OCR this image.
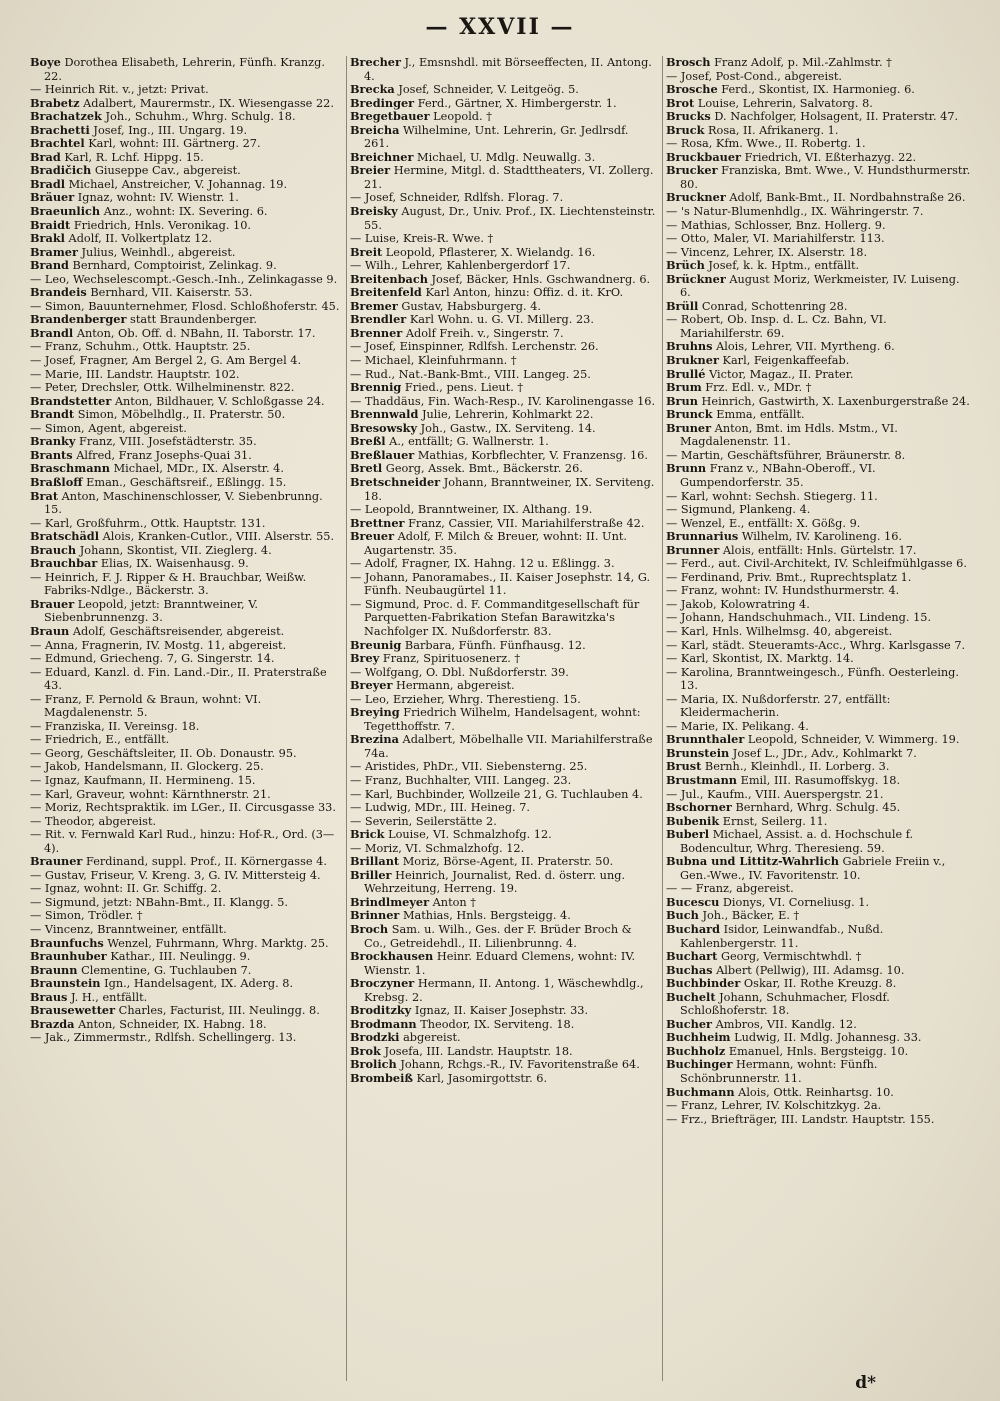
— XXVII —
Boye Dorothea Elisabeth, Lehrerin, Fünfh. Kranzg. 22.
— Heinrich Rit. v., jetzt: Privat.
Brabetz Adalbert, Maurermstr., IX. Wiesengasse 22.
Brachatzek Joh., Schuhm., Whrg. Schulg. 18.
Brachetti Josef, Ing., III. Ungarg. 19.
Brachtel Karl, wohnt: III. Gärtnerg. 27.
Brad Karl, R. Lchf. Hippg. 15.
Bradičich Giuseppe Cav., abgereist.
Bradl Michael, Anstreicher, V. Johannag. 19.
Bräuer Ignaz, wohnt: IV. Wienstr. 1.
Braeunlich Anz., wohnt: IX. Severing. 6.
Braidt Friedrich, Hnls. Veronikag. 10.
Brakl Adolf, II. Volkertplatz 12.
Bramer Julius, Weinhdl., abgereist.
Brand Bernhard, Comptoirist, Zelinkag. 9.
— Leo, Wechselescompt.-Gesch.-Inh., Zelinkagasse 9.
Brandeis Bernhard, VII. Kaiserstr. 53.
— Simon, Bauunternehmer, Flosd. Schloßhoferstr. 45.
Brandenberger statt Braundenberger.
Brandl Anton, Ob. Off. d. NBahn, II. Taborstr. 17.
— Franz, Schuhm., Ottk. Hauptstr. 25.
— Josef, Fragner, Am Bergel 2, G. Am Bergel 4.
— Marie, III. Landstr. Hauptstr. 102.
— Peter, Drechsler, Ottk. Wilhelminenstr. 822.
Brandstetter Anton, Bildhauer, V. Schloßgasse 24.
Brandt Simon, Möbelhdlg., II. Praterstr. 50.
— Simon, Agent, abgereist.
Branky Franz, VIII. Josefstädterstr. 35.
Brants Alfred, Franz Josephs-Quai 31.
Braschmann Michael, MDr., IX. Alserstr. 4.
Braßloff Eman., Geschäftsreif., Eßlingg. 15.
Brat Anton, Maschinenschlosser, V. Siebenbrunng. 15.
— Karl, Großfuhrm., Ottk. Hauptstr. 131.
Bratschädl Alois, Kranken-Cutlor., VIII. Alserstr. 55.
Brauch Johann, Skontist, VII. Zieglerg. 4.
Brauchbar Elias, IX. Waisenhausg. 9.
— Heinrich, F. J. Ripper & H. Brauchbar, Weißw. Fabriks-Ndlge., Bäckerstr. 3.
Brauer Leopold, jetzt: Branntweiner, V. Siebenbrunnenzg. 3.
Braun Adolf, Geschäftsreisender, abgereist.
— Anna, Fragnerin, IV. Mostg. 11, abgereist.
— Edmund, Griecheng. 7, G. Singerstr. 14.
— Eduard, Kanzl. d. Fin. Land.-Dir., II. Praterstraße 43.
— Franz, F. Pernold & Braun, wohnt: VI. Magdalenenstr. 5.
— Franziska, II. Vereinsg. 18.
— Friedrich, E., entfällt.
— Georg, Geschäftsleiter, II. Ob. Donaustr. 95.
— Jakob, Handelsmann, II. Glockerg. 25.
— Ignaz, Kaufmann, II. Hermineng. 15.
— Karl, Graveur, wohnt: Kärnthnerstr. 21.
— Moriz, Rechtspraktik. im LGer., II. Circusgasse 33.
— Theodor, abgereist.
— Rit. v. Fernwald Karl Rud., hinzu: Hof-R., Ord. (3—4).
Brauner Ferdinand, suppl. Prof., II. Körnergasse 4.
— Gustav, Friseur, V. Kreng. 3, G. IV. Mittersteig 4.
— Ignaz, wohnt: II. Gr. Schiffg. 2.
— Sigmund, jetzt: NBahn-Bmt., II. Klangg. 5.
— Simon, Trödler. †
— Vincenz, Branntweiner, entfällt.
Braunfuchs Wenzel, Fuhrmann, Whrg. Marktg. 25.
Braunhuber Kathar., III. Neulingg. 9.
Braunn Clementine, G. Tuchlauben 7.
Braunstein Ign., Handelsagent, IX. Aderg. 8.
Braus J. H., entfällt.
Brausewetter Charles, Facturist, III. Neulingg. 8.
Brazda Anton, Schneider, IX. Habng. 18.
— Jak., Zimmermstr., Rdlfsh. Schellingerg. 13.
Brecher J., Emsnshdl. mit Börseeffecten, II. Antong. 4.
Brecka Josef, Schneider, V. Leitgeög. 5.
Bredinger Ferd., Gärtner, X. Himbergerstr. 1.
Bregetbauer Leopold. †
Breicha Wilhelmine, Unt. Lehrerin, Gr. Jedlrsdf. 261.
Breichner Michael, U. Mdlg. Neuwallg. 3.
Breier Hermine, Mitgl. d. Stadttheaters, VI. Zollerg. 21.
— Josef, Schneider, Rdlfsh. Florag. 7.
Breisky August, Dr., Univ. Prof., IX. Liechtensteinstr. 55.
— Luise, Kreis-R. Wwe. †
Breit Leopold, Pflasterer, X. Wielandg. 16.
— Wilh., Lehrer, Kahlenbergerdorf 17.
Breitenbach Josef, Bäcker, Hnls. Gschwandnerg. 6.
Breitenfeld Karl Anton, hinzu: Offiz. d. it. KrO.
Bremer Gustav, Habsburgerg. 4.
Brendler Karl Wohn. u. G. VI. Millerg. 23.
Brenner Adolf Freih. v., Singerstr. 7.
— Josef, Einspinner, Rdlfsh. Lerchenstr. 26.
— Michael, Kleinfuhrmann. †
— Rud., Nat.-Bank-Bmt., VIII. Langeg. 25.
Brennig Fried., pens. Lieut. †
— Thaddäus, Fin. Wach-Resp., IV. Karolinengasse 16.
Brennwald Julie, Lehrerin, Kohlmarkt 22.
Bresowsky Joh., Gastw., IX. Serviteng. 14.
Breßl A., entfällt; G. Wallnerstr. 1.
Breßlauer Mathias, Korbflechter, V. Franzensg. 16.
Bretl Georg, Assek. Bmt., Bäckerstr. 26.
Bretschneider Johann, Branntweiner, IX. Serviteng. 18.
— Leopold, Branntweiner, IX. Althang. 19.
Brettner Franz, Cassier, VII. Mariahilferstraße 42.
Breuer Adolf, F. Milch & Breuer, wohnt: II. Unt. Augartenstr. 35.
— Adolf, Fragner, IX. Hahng. 12 u. Eßlingg. 3.
— Johann, Panoramabes., II. Kaiser Josephstr. 14, G. Fünfh. Neubaugürtel 11.
— Sigmund, Proc. d. F. Commanditgesellschaft für Parquetten-Fabrikation Stefan Barawitzka's Nachfolger IX. Nußdorferstr. 83.
Breunig Barbara, Fünfh. Fünfhausg. 12.
Brey Franz, Spirituosenerz. †
— Wolfgang, O. Dbl. Nußdorferstr. 39.
Breyer Hermann, abgereist.
— Leo, Erzieher, Whrg. Therestieng. 15.
Breying Friedrich Wilhelm, Handelsagent, wohnt: Tegetthoffstr. 7.
Brezina Adalbert, Möbelhalle VII. Mariahilferstraße 74a.
— Aristides, PhDr., VII. Siebensterng. 25.
— Franz, Buchhalter, VIII. Langeg. 23.
— Karl, Buchbinder, Wollzeile 21, G. Tuchlauben 4.
— Ludwig, MDr., III. Heineg. 7.
— Severin, Seilerstätte 2.
Brick Louise, VI. Schmalzhofg. 12.
— Moriz, VI. Schmalzhofg. 12.
Brillant Moriz, Börse-Agent, II. Praterstr. 50.
Briller Heinrich, Journalist, Red. d. österr. ung. Wehrzeitung, Herreng. 19.
Brindlmeyer Anton †
Brinner Mathias, Hnls. Bergsteigg. 4.
Broch Sam. u. Wilh., Ges. der F. Brüder Broch & Co., Getreidehdl., II. Lilienbrunng. 4.
Brockhausen Heinr. Eduard Clemens, wohnt: IV. Wienstr. 1.
Broczyner Hermann, II. Antong. 1, Wäschewhdlg., Krebsg. 2.
Broditzky Ignaz, II. Kaiser Josephstr. 33.
Brodmann Theodor, IX. Serviteng. 18.
Brodzki abgereist.
Brok Josefa, III. Landstr. Hauptstr. 18.
Brolich Johann, Rchgs.-R., IV. Favoritenstraße 64.
Brombeiß Karl, Jasomirgottstr. 6.
Brosch Franz Adolf, p. Mil.-Zahlmstr. †
— Josef, Post-Cond., abgereist.
Brosche Ferd., Skontist, IX. Harmonieg. 6.
Brot Louise, Lehrerin, Salvatorg. 8.
Brucks D. Nachfolger, Holsagent, II. Praterstr. 47.
Bruck Rosa, II. Afrikanerg. 1.
— Rosa, Kfm. Wwe., II. Robertg. 1.
Bruckbauer Friedrich, VI. Eßterhazyg. 22.
Brucker Franziska, Bmt. Wwe., V. Hundsthurmerstr. 80.
Bruckner Adolf, Bank-Bmt., II. Nordbahnstraße 26.
— 's Natur-Blumenhdlg., IX. Währingerstr. 7.
— Mathias, Schlosser, Bnz. Hollerg. 9.
— Otto, Maler, VI. Mariahilferstr. 113.
— Vincenz, Lehrer, IX. Alserstr. 18.
Brüch Josef, k. k. Hptm., entfällt.
Brückner August Moriz, Werkmeister, IV. Luiseng. 6.
Brüll Conrad, Schottenring 28.
— Robert, Ob. Insp. d. L. Cz. Bahn, VI. Mariahilferstr. 69.
Bruhns Alois, Lehrer, VII. Myrtheng. 6.
Brukner Karl, Feigenkaffeefab.
Brullé Victor, Magaz., II. Prater.
Brum Frz. Edl. v., MDr. †
Brun Heinrich, Gastwirth, X. Laxenburgerstraße 24.
Brunck Emma, entfällt.
Bruner Anton, Bmt. im Hdls. Mstm., VI. Magdalenenstr. 11.
— Martin, Geschäftsführer, Bräunerstr. 8.
Brunn Franz v., NBahn-Oberoff., VI. Gumpendorferstr. 35.
— Karl, wohnt: Sechsh. Stiegerg. 11.
— Sigmund, Plankeng. 4.
— Wenzel, E., entfällt: X. Gößg. 9.
Brunnarius Wilhelm, IV. Karolineng. 16.
Brunner Alois, entfällt: Hnls. Gürtelstr. 17.
— Ferd., aut. Civil-Architekt, IV. Schleifmühlgasse 6.
— Ferdinand, Priv. Bmt., Ruprechtsplatz 1.
— Franz, wohnt: IV. Hundsthurmerstr. 4.
— Jakob, Kolowratring 4.
— Johann, Handschuhmach., VII. Lindeng. 15.
— Karl, Hnls. Wilhelmsg. 40, abgereist.
— Karl, städt. Steueramts-Acc., Whrg. Karlsgasse 7.
— Karl, Skontist, IX. Marktg. 14.
— Karolina, Branntweingesch., Fünfh. Oesterleing. 13.
— Maria, IX. Nußdorferstr. 27, entfällt: Kleidermacherin.
— Marie, IX. Pelikang. 4.
Brunnthaler Leopold, Schneider, V. Wimmerg. 19.
Brunstein Josef L., JDr., Adv., Kohlmarkt 7.
Brust Bernh., Kleinhdl., II. Lorberg. 3.
Brustmann Emil, III. Rasumoffskyg. 18.
— Jul., Kaufm., VIII. Auerspergstr. 21.
Bschorner Bernhard, Whrg. Schulg. 45.
Bubenik Ernst, Seilerg. 11.
Buberl Michael, Assist. a. d. Hochschule f. Bodencultur, Whrg. Theresieng. 59.
Bubna und Littitz-Wahrlich Gabriele Freiin v., Gen.-Wwe., IV. Favoritenstr. 10.
— — Franz, abgereist.
Bucescu Dionys, VI. Corneliusg. 1.
Buch Joh., Bäcker, E. †
Buchard Isidor, Leinwandfab., Nußd. Kahlenbergerstr. 11.
Buchart Georg, Vermischtwhdl. †
Buchas Albert (Pellwig), III. Adamsg. 10.
Buchbinder Oskar, II. Rothe Kreuzg. 8.
Buchelt Johann, Schuhmacher, Flosdf. Schloßhoferstr. 18.
Bucher Ambros, VII. Kandlg. 12.
Buchheim Ludwig, II. Mdlg. Johannesg. 33.
Buchholz Emanuel, Hnls. Bergsteigg. 10.
Buchinger Hermann, wohnt: Fünfh. Schönbrunnerstr. 11.
Buchmann Alois, Ottk. Reinhartsg. 10.
— Franz, Lehrer, IV. Kolschitzkyg. 2a.
— Frz., Briefträger, III. Landstr. Hauptstr. 155.
d*
